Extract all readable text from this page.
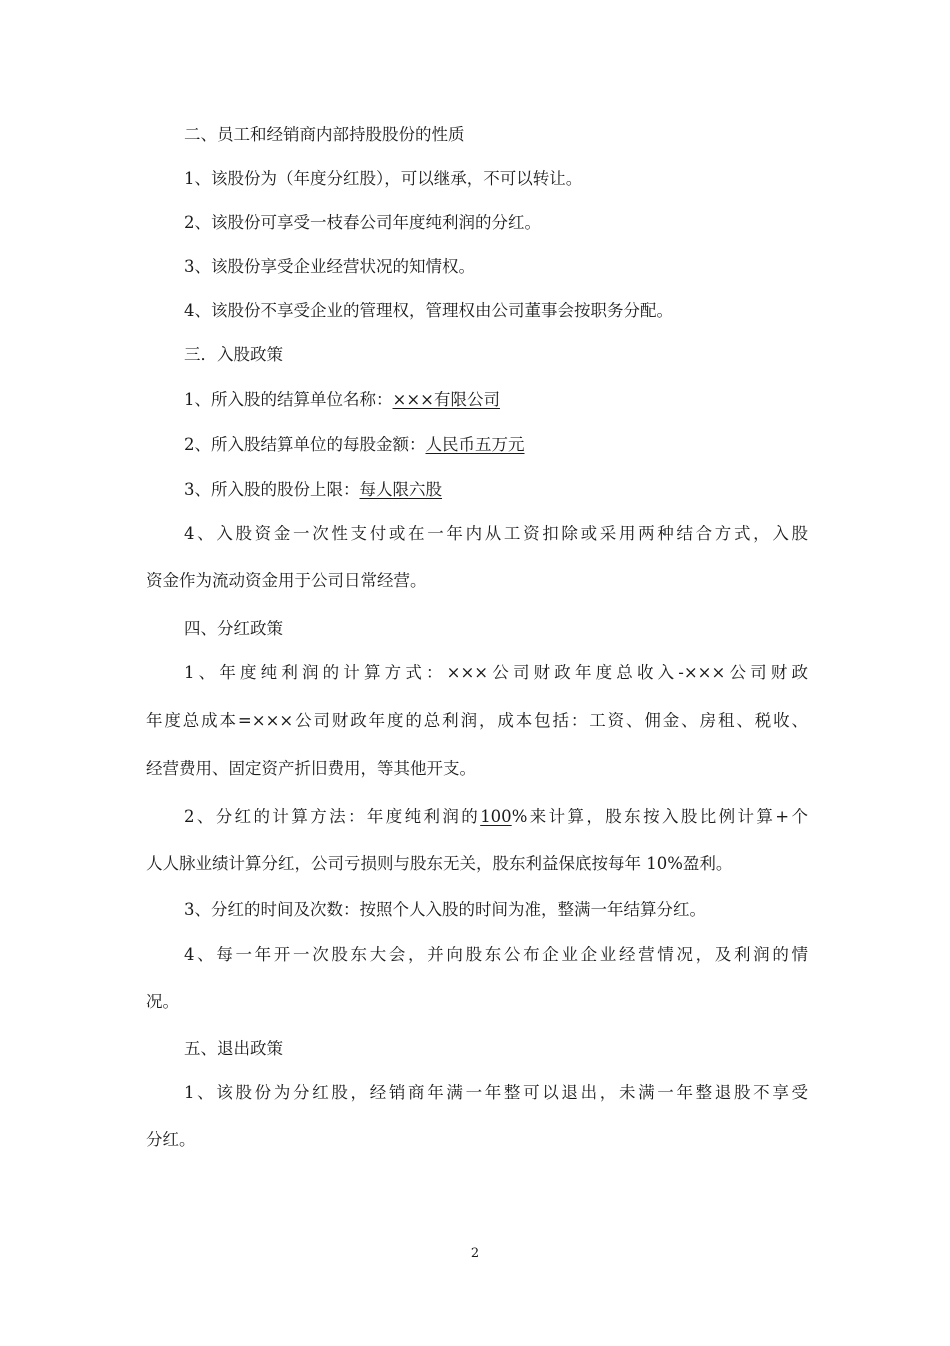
二、员工和经销商内部持股股份的性质

1、该股份为（年度分红股），可以继承，不可以转让。

2、该股份可享受一枝春公司年度纯利润的分红。

3、该股份享受企业经营状况的知情权。

4、该股份不享受企业的管理权，管理权由公司董事会按职务分配。

三．入股政策

1、所入股的结算单位名称：×××有限公司

2、所入股结算单位的每股金额：人民币五万元

3、所入股的股份上限：每人限六股

4、入股资金一次性支付或在一年内从工资扣除或采用两种结合方式，入股

资金作为流动资金用于公司日常经营。

四、分红政策

1、年度纯利润的计算方式：×××公司财政年度总收入-×××公司财政

年度总成本=×××公司财政年度的总利润，成本包括：工资、佣金、房租、税收、

经营费用、固定资产折旧费用，等其他开支。

2、分红的计算方法：年度纯利润的100%来计算，股东按入股比例计算+个

人人脉业绩计算分红，公司亏损则与股东无关，股东利益保底按每年 10%盈利。

3、分红的时间及次数：按照个人入股的时间为准，整满一年结算分红。

4、每一年开一次股东大会，并向股东公布企业企业经营情况，及利润的情

况。

五、退出政策

1、该股份为分红股，经销商年满一年整可以退出，未满一年整退股不享受

分红。

2
